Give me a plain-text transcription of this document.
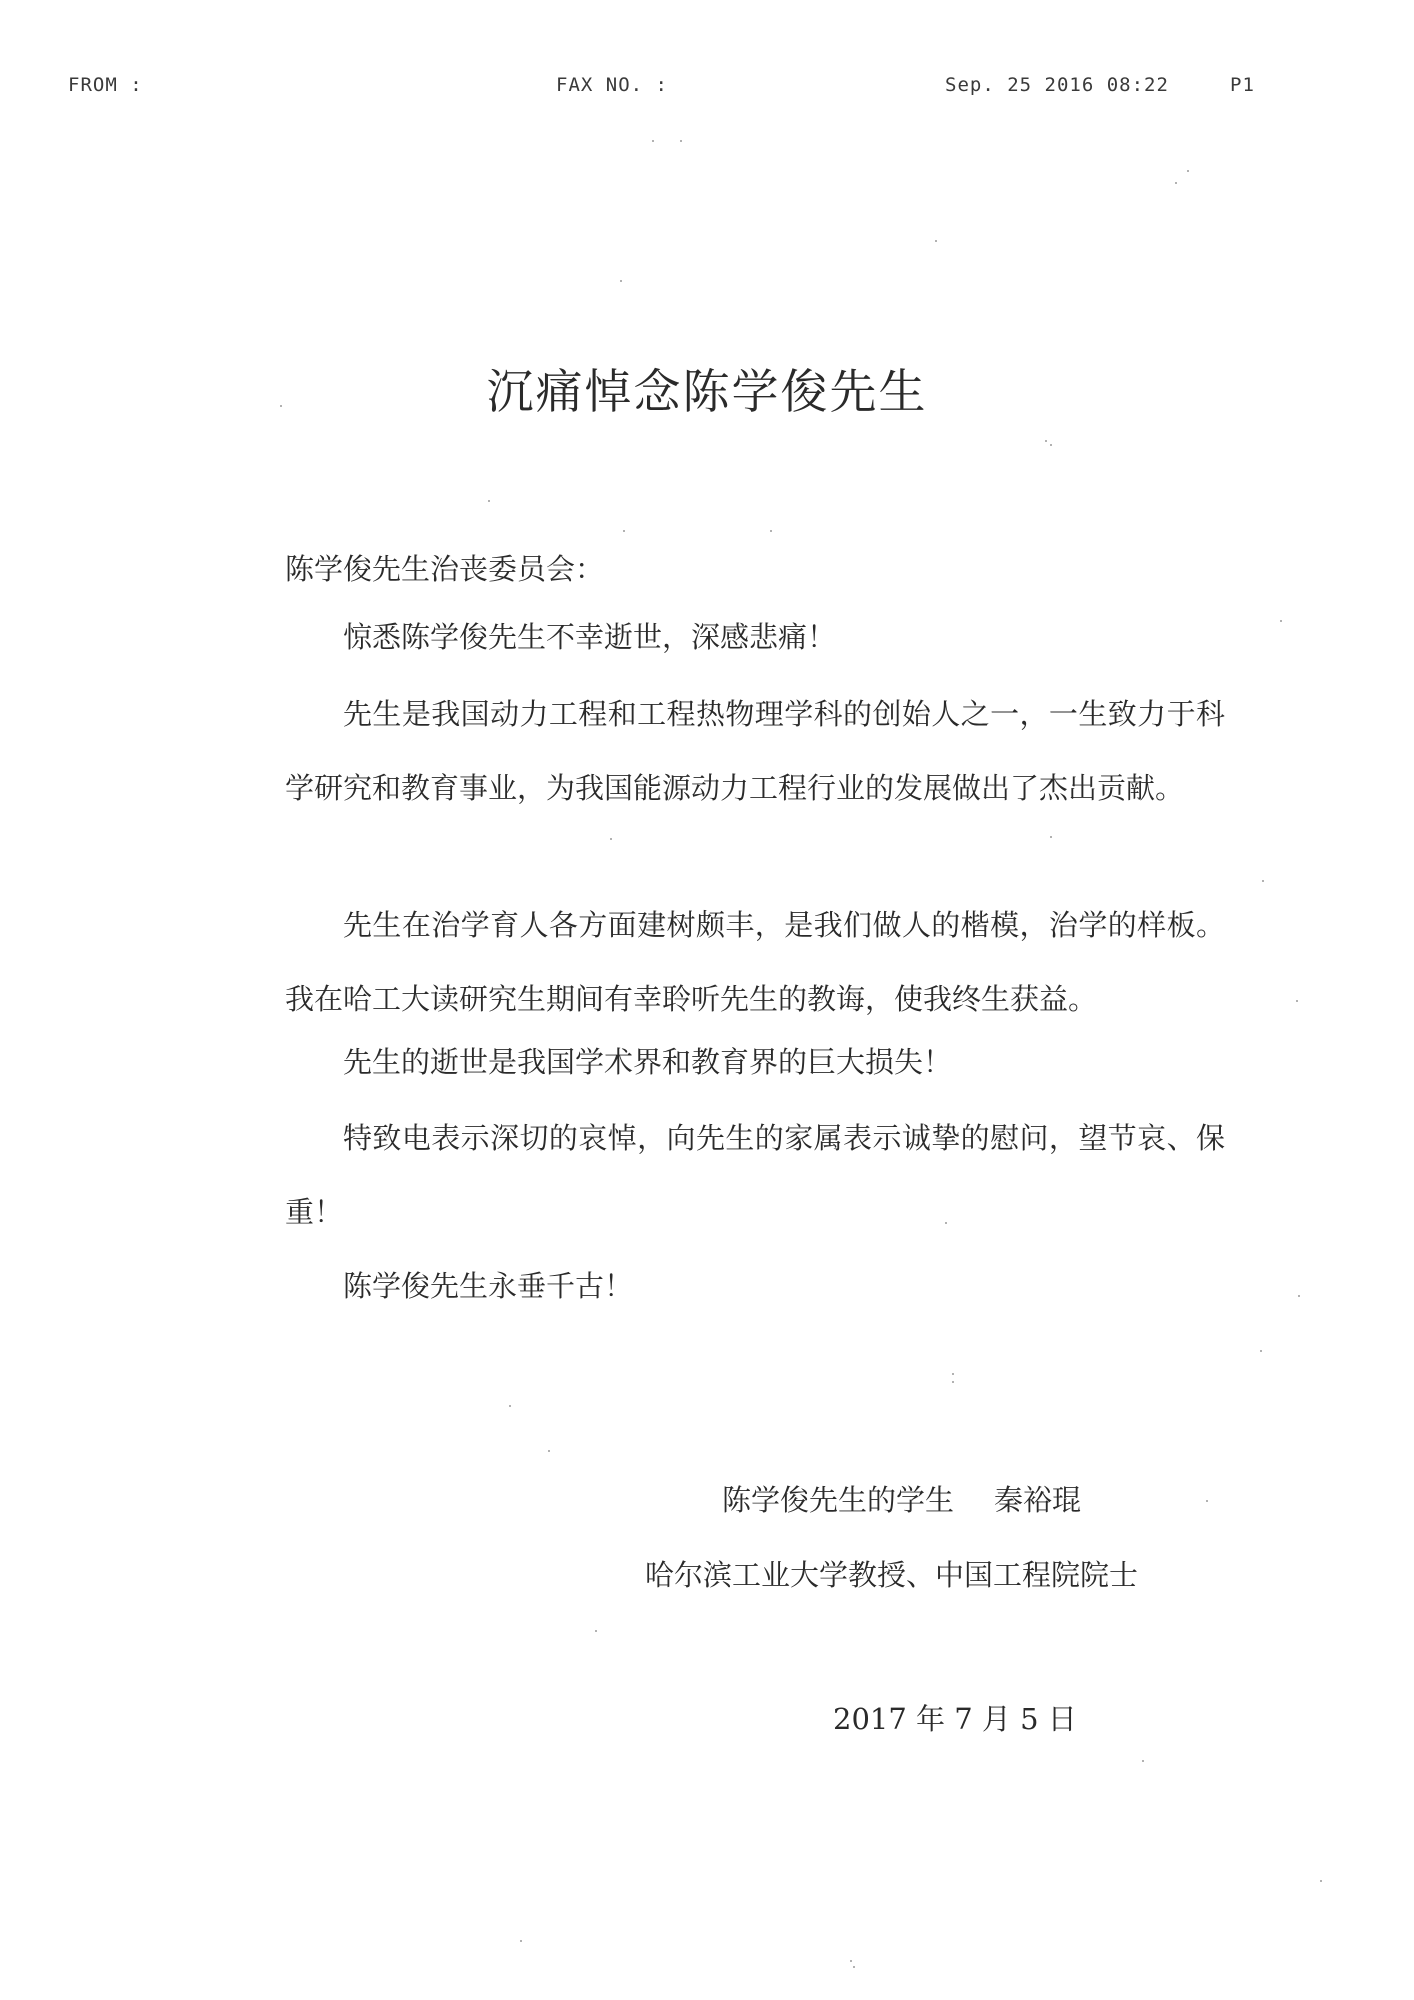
FROM :	FAX NO. :	Sep. 25 2016 08:22	P1
沉痛悼念陈学俊先生

陈学俊先生治丧委员会：

惊悉陈学俊先生不幸逝世，深感悲痛！

先生是我国动力工程和工程热物理学科的创始人之一，一生致力于科学研究和教育事业，为我国能源动力工程行业的发展做出了杰出贡献。

先生在治学育人各方面建树颇丰，是我们做人的楷模，治学的样板。我在哈工大读研究生期间有幸聆听先生的教诲，使我终生获益。

先生的逝世是我国学术界和教育界的巨大损失！

特致电表示深切的哀悼，向先生的家属表示诚挚的慰问，望节哀、保重！

陈学俊先生永垂千古！

陈学俊先生的学生 秦裕琨

哈尔滨工业大学教授、中国工程院院士

2017 年 7 月 5 日
